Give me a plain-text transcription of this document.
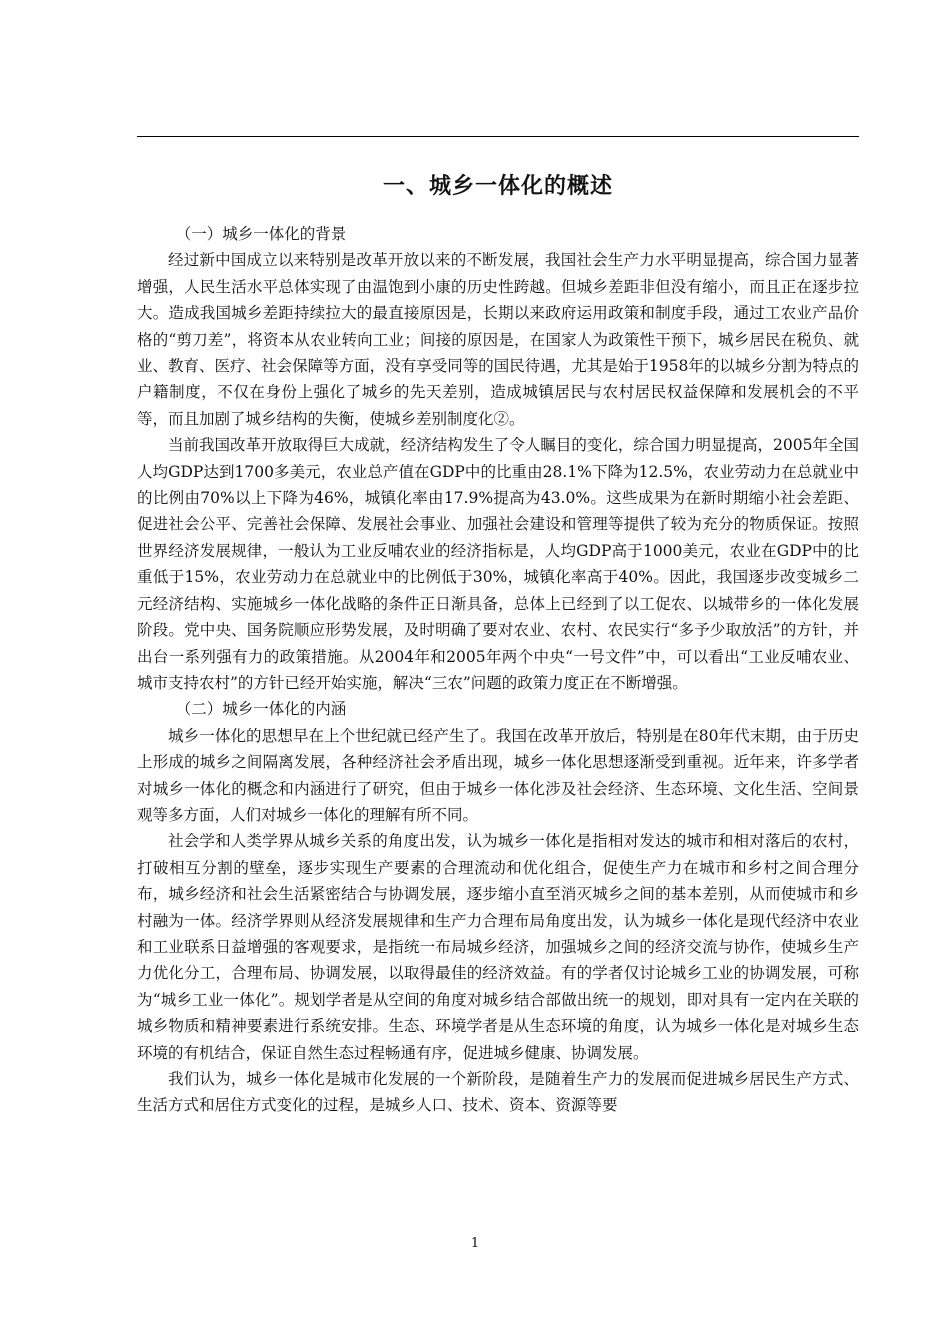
一、城乡一体化的概述

（一）城乡一体化的背景

经过新中国成立以来特别是改革开放以来的不断发展，我国社会生产力水平明显提高，综合国力显著增强，人民生活水平总体实现了由温饱到小康的历史性跨越。但城乡差距非但没有缩小，而且正在逐步拉大。造成我国城乡差距持续拉大的最直接原因是，长期以来政府运用政策和制度手段，通过工农业产品价格的“剪刀差”，将资本从农业转向工业；间接的原因是，在国家人为政策性干预下，城乡居民在税负、就业、教育、医疗、社会保障等方面，没有享受同等的国民待遇，尤其是始于1958年的以城乡分割为特点的户籍制度，不仅在身份上强化了城乡的先天差别，造成城镇居民与农村居民权益保障和发展机会的不平等，而且加剧了城乡结构的失衡，使城乡差别制度化②。

当前我国改革开放取得巨大成就，经济结构发生了令人瞩目的变化，综合国力明显提高，2005年全国人均GDP达到1700多美元，农业总产值在GDP中的比重由28.1%下降为12.5%，农业劳动力在总就业中的比例由70%以上下降为46%，城镇化率由17.9%提高为43.0%。这些成果为在新时期缩小社会差距、促进社会公平、完善社会保障、发展社会事业、加强社会建设和管理等提供了较为充分的物质保证。按照世界经济发展规律，一般认为工业反哺农业的经济指标是，人均GDP高于1000美元，农业在GDP中的比重低于15%，农业劳动力在总就业中的比例低于30%，城镇化率高于40%。因此，我国逐步改变城乡二元经济结构、实施城乡一体化战略的条件正日渐具备，总体上已经到了以工促农、以城带乡的一体化发展阶段。党中央、国务院顺应形势发展，及时明确了要对农业、农村、农民实行“多予少取放活”的方针，并出台一系列强有力的政策措施。从2004年和2005年两个中央“一号文件”中，可以看出“工业反哺农业、城市支持农村”的方针已经开始实施，解决“三农”问题的政策力度正在不断增强。

（二）城乡一体化的内涵

城乡一体化的思想早在上个世纪就已经产生了。我国在改革开放后，特别是在80年代末期，由于历史上形成的城乡之间隔离发展，各种经济社会矛盾出现，城乡一体化思想逐渐受到重视。近年来，许多学者对城乡一体化的概念和内涵进行了研究，但由于城乡一体化涉及社会经济、生态环境、文化生活、空间景观等多方面，人们对城乡一体化的理解有所不同。

社会学和人类学界从城乡关系的角度出发，认为城乡一体化是指相对发达的城市和相对落后的农村，打破相互分割的壁垒，逐步实现生产要素的合理流动和优化组合，促使生产力在城市和乡村之间合理分布，城乡经济和社会生活紧密结合与协调发展，逐步缩小直至消灭城乡之间的基本差别，从而使城市和乡村融为一体。经济学界则从经济发展规律和生产力合理布局角度出发，认为城乡一体化是现代经济中农业和工业联系日益增强的客观要求，是指统一布局城乡经济，加强城乡之间的经济交流与协作，使城乡生产力优化分工，合理布局、协调发展，以取得最佳的经济效益。有的学者仅讨论城乡工业的协调发展，可称为“城乡工业一体化”。规划学者是从空间的角度对城乡结合部做出统一的规划，即对具有一定内在关联的城乡物质和精神要素进行系统安排。生态、环境学者是从生态环境的角度，认为城乡一体化是对城乡生态环境的有机结合，保证自然生态过程畅通有序，促进城乡健康、协调发展。

我们认为，城乡一体化是城市化发展的一个新阶段，是随着生产力的发展而促进城乡居民生产方式、生活方式和居住方式变化的过程，是城乡人口、技术、资本、资源等要

1
